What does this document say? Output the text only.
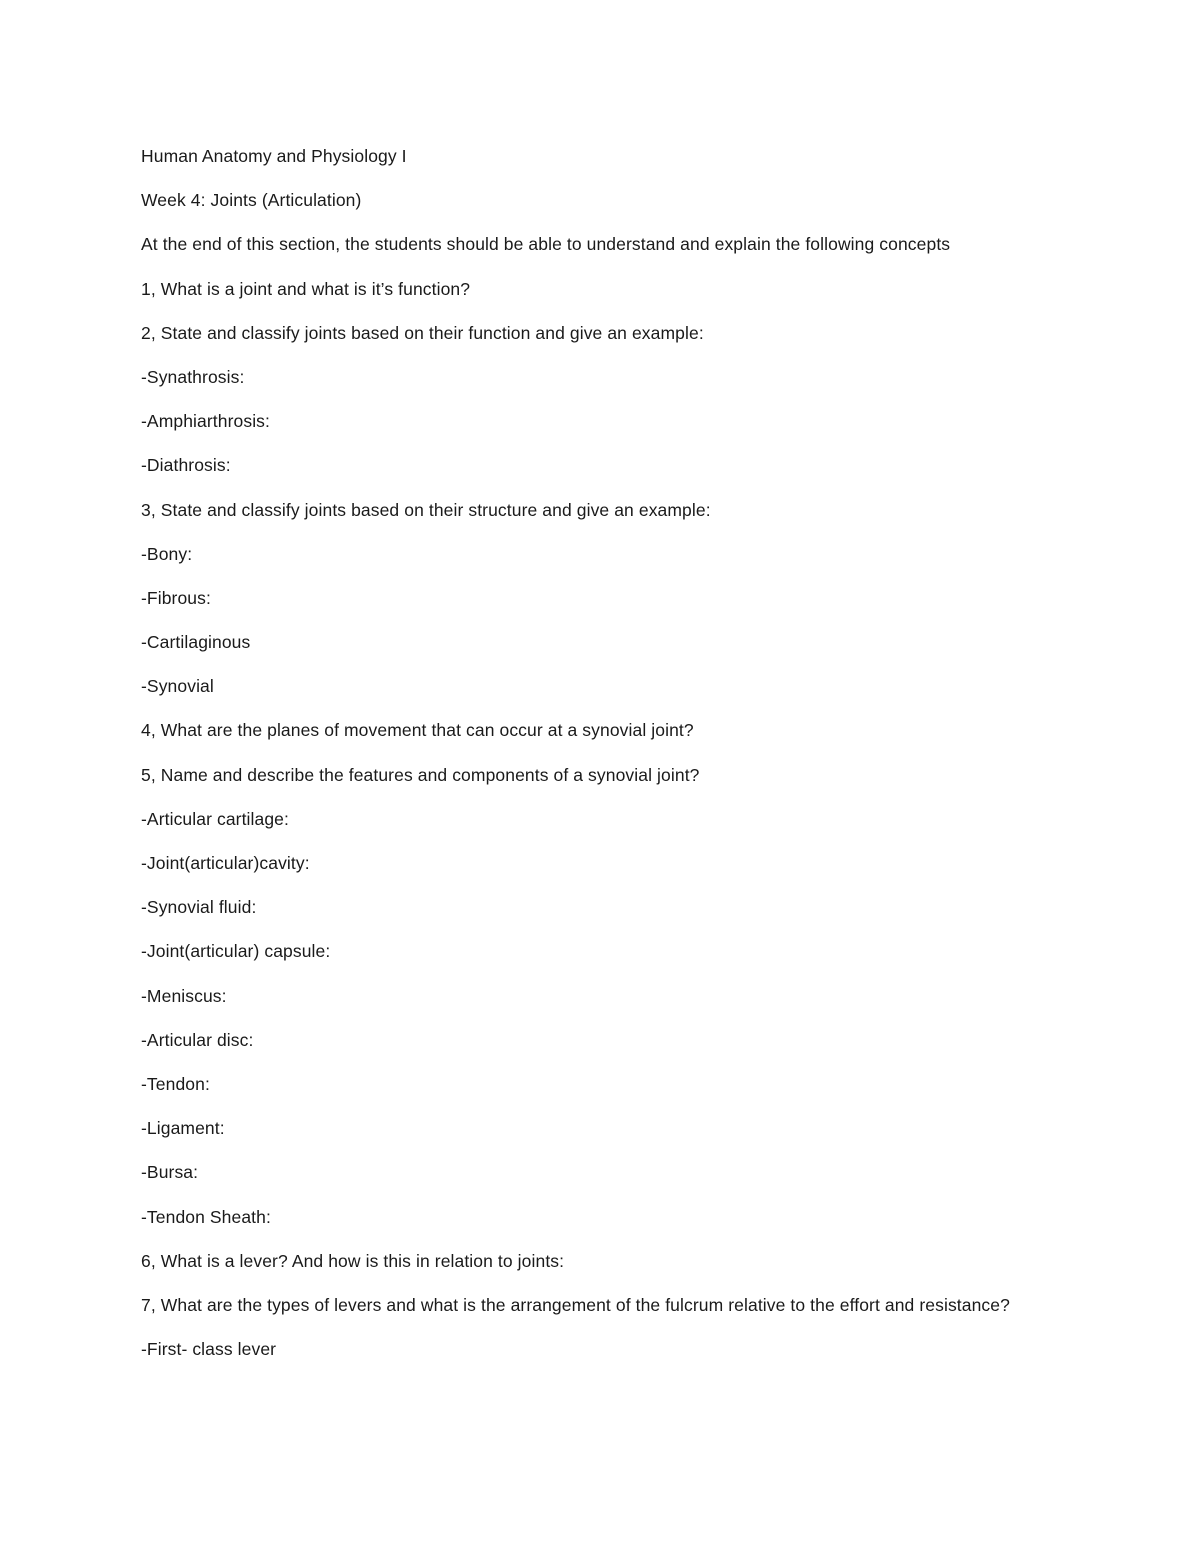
Human Anatomy and Physiology I
Week 4: Joints (Articulation)
At the end of this section, the students should be able to understand and explain the following concepts
1, What is a joint and what is it’s function?
2, State and classify joints based on their function and give an example:
-Synathrosis:
-Amphiarthrosis:
-Diathrosis:
3, State and classify joints based on their structure and give an example:
-Bony:
-Fibrous:
-Cartilaginous
-Synovial
4, What are the planes of movement that can occur at a synovial joint?
5, Name and describe the features and components of a synovial joint?
-Articular cartilage:
-Joint(articular)cavity:
-Synovial fluid:
-Joint(articular) capsule:
-Meniscus:
-Articular disc:
-Tendon:
-Ligament:
-Bursa:
-Tendon Sheath:
6, What is a lever? And how is this in relation to joints:
7, What are the types of levers and what is the arrangement of the fulcrum relative to the effort and resistance?
-First- class lever
